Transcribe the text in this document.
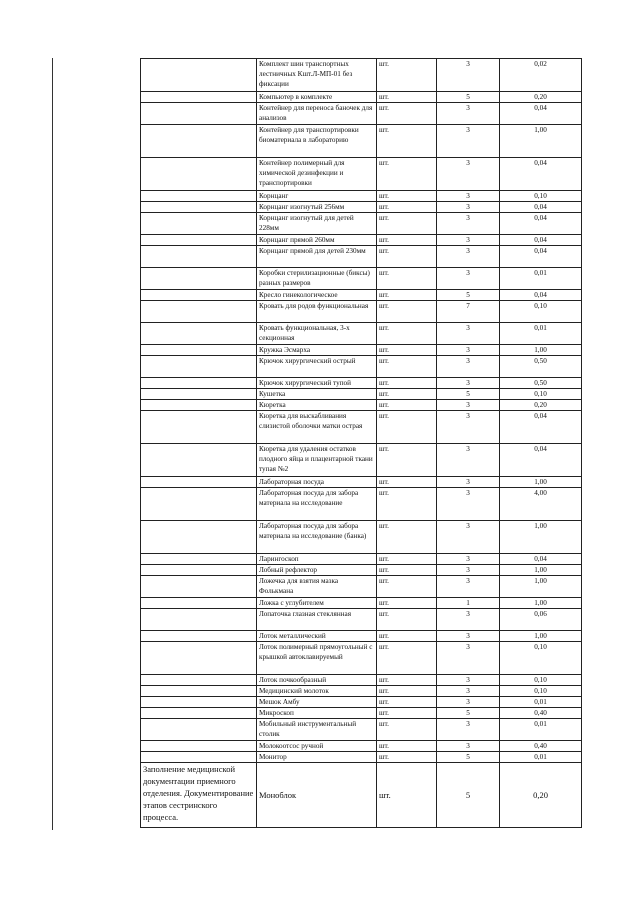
	Комплект шин транспортных лестничных Кшт.Л-МП-01 без фиксации	шт.	3	0,02
	Компьютер в комплекте	шт.	5	0,20
	Контейнер для переноса баночек для анализов	шт.	3	0,04
	Контейнер для транспортировки биоматериала в лабораторию	шт.	3	1,00
	Контейнер полимерный для химической дезинфекции и транспортировки	шт.	3	0,04
	Корнцанг	шт.	3	0,10
	Корнцанг изогнутый 256мм	шт.	3	0,04
	Корнцанг изогнутый для детей 228мм	шт.	3	0,04
	Корнцанг прямой 260мм	шт.	3	0,04
	Корнцанг прямой для детей 230мм	шт.	3	0,04
	Коробки стерилизационные (биксы) разных размеров	шт.	3	0,01
	Кресло гинекологическое	шт.	5	0,04
	Кровать для родов функциональная	шт.	7	0,10
	Кровать функциональная, 3-х секционная	шт.	3	0,01
	Кружка Эсмарха	шт.	3	1,00
	Крючок хирургический острый	шт.	3	0,50
	Крючок хирургический тупой	шт.	3	0,50
	Кушетка	шт.	5	0,10
	Кюретка	шт.	3	0,20
	Кюретка для выскабливания слизистой оболочки матки острая	шт.	3	0,04
	Кюретка для удаления остатков плодного яйца и плацентарной ткани тупая №2	шт.	3	0,04
	Лабораторная посуда	шт.	3	1,00
	Лабораторная посуда для забора материала на исследование	шт.	3	4,00
	Лабораторная посуда для забора материала на исследование (банка)	шт.	3	1,00
	Ларингоскоп	шт.	3	0,04
	Лобный рефлектор	шт.	3	1,00
	Ложечка для взятия мазка Фолькмана	шт.	3	1,00
	Ложка с углубителем	шт.	1	1,00
	Лопаточка глазная стеклянная	шт.	3	0,06
	Лоток металлический	шт.	3	1,00
	Лоток полимерный прямоугольный с крышкой автоклавируемый	шт.	3	0,10
	Лоток почкообразный	шт.	3	0,10
	Медицинский молоток	шт.	3	0,10
	Мешок Амбу	шт.	3	0,01
	Микроскоп	шт.	5	0,40
	Мобильный инструментальный столик	шт.	3	0,01
	Молокоотсос ручной	шт.	3	0,40
	Монитор	шт.	5	0,01
Заполнение медицинской документации приемного отделения. Документирование этапов сестринского процесса.	Моноблок	шт.	5	0,20
